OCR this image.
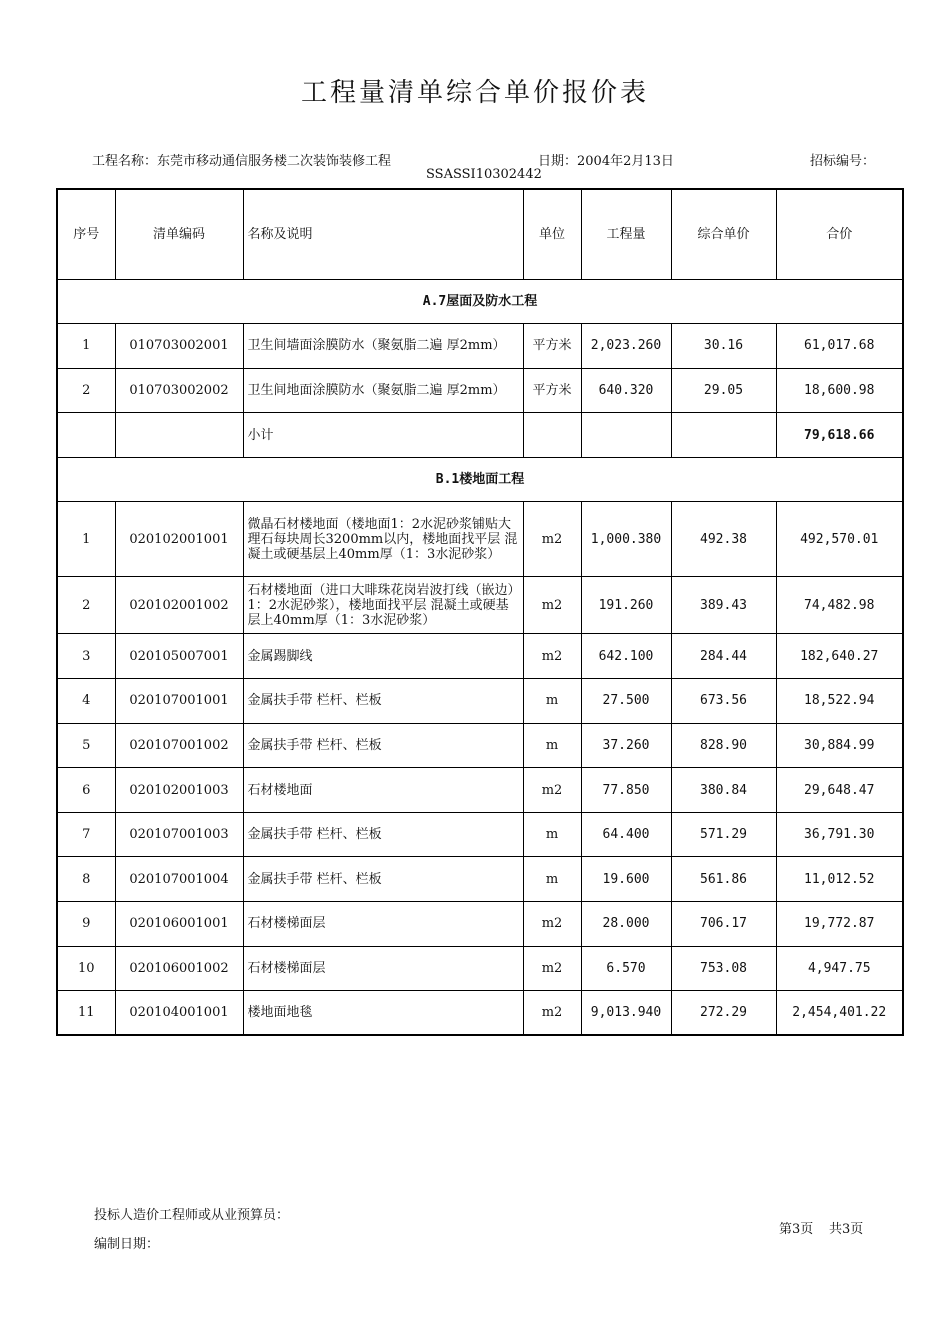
工程量清单综合单价报价表
工程名称：东莞市移动通信服务楼二次装饰装修工程	日期：2004年2月13日	招标编号：
SSASSI10302442
序号	清单编码	名称及说明	单位	工程量	综合单价	合价
A.7屋面及防水工程						
1	010703002001	卫生间墙面涂膜防水（聚氨脂二遍 厚2mm）	平方米	2,023.260	30.16	61,017.68
2	010703002002	卫生间地面涂膜防水（聚氨脂二遍 厚2mm）	平方米	640.320	29.05	18,600.98
		小计				79,618.66
B.1楼地面工程						
1	020102001001	微晶石材楼地面（楼地面1：2水泥砂浆铺贴大理石每块周长3200mm以内，楼地面找平层 混凝土或硬基层上40mm厚（1：3水泥砂浆）	m2	1,000.380	492.38	492,570.01
2	020102001002	石材楼地面（进口大啡珠花岗岩波打线（嵌边）1：2水泥砂浆），楼地面找平层 混凝土或硬基层上40mm厚（1：3水泥砂浆）	m2	191.260	389.43	74,482.98
3	020105007001	金属踢脚线	m2	642.100	284.44	182,640.27
4	020107001001	金属扶手带 栏杆、栏板	m	27.500	673.56	18,522.94
5	020107001002	金属扶手带 栏杆、栏板	m	37.260	828.90	30,884.99
6	020102001003	石材楼地面	m2	77.850	380.84	29,648.47
7	020107001003	金属扶手带 栏杆、栏板	m	64.400	571.29	36,791.30
8	020107001004	金属扶手带 栏杆、栏板	m	19.600	561.86	11,012.52
9	020106001001	石材楼梯面层	m2	28.000	706.17	19,772.87
10	020106001002	石材楼梯面层	m2	6.570	753.08	4,947.75
11	020104001001	楼地面地毯	m2	9,013.940	272.29	2,454,401.22
投标人造价工程师或从业预算员：
编制日期：
第3页 共3页
